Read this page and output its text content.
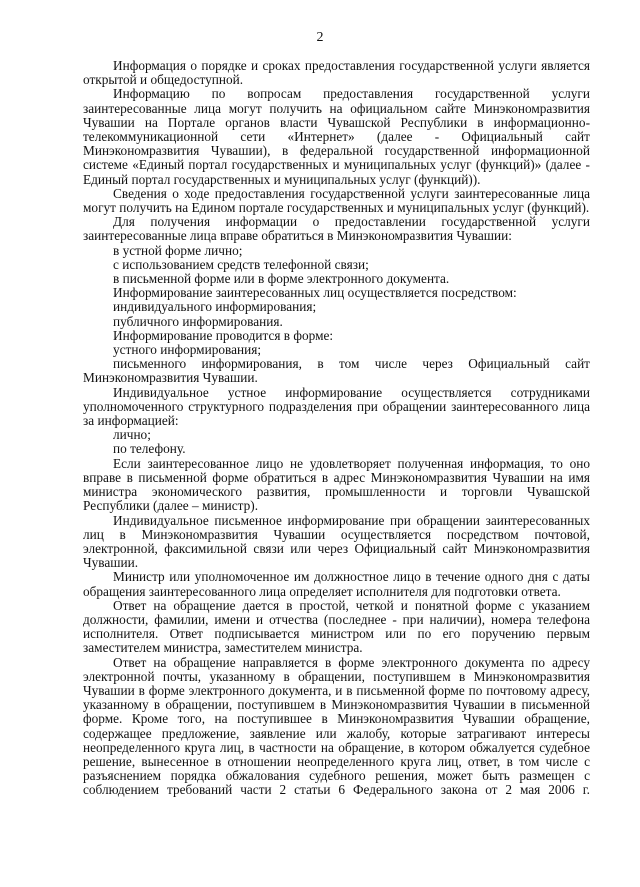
2

Информация о порядке и сроках предоставления государственной услуги является открытой и общедоступной.

Информацию по вопросам предоставления государственной услуги заинтересованные лица могут получить на официальном сайте Минэкономразвития Чувашии на Портале органов власти Чувашской Республики в информационно-телекоммуникационной сети «Интернет» (далее - Официальный сайт Минэкономразвития Чувашии), в федеральной государственной информационной системе «Единый портал государственных и муниципальных услуг (функций)» (далее - Единый портал государственных и муниципальных услуг (функций)).

Сведения о ходе предоставления государственной услуги заинтересованные лица могут получить на Едином портале государственных и муниципальных услуг (функций).

Для получения информации о предоставлении государственной услуги заинтересованные лица вправе обратиться в Минэкономразвития Чувашии:

в устной форме лично;

с использованием средств телефонной связи;

в письменной форме или в форме электронного документа.

Информирование заинтересованных лиц осуществляется посредством:

индивидуального информирования;

публичного информирования.

Информирование проводится в форме:

устного информирования;

письменного информирования, в том числе через Официальный сайт Минэкономразвития Чувашии.

Индивидуальное устное информирование осуществляется сотрудниками уполномоченного структурного подразделения при обращении заинтересованного лица за информацией:

лично;

по телефону.

Если заинтересованное лицо не удовлетворяет полученная информация, то оно вправе в письменной форме обратиться в адрес Минэкономразвития Чувашии на имя министра экономического развития, промышленности и торговли Чувашской Республики (далее – министр).

Индивидуальное письменное информирование при обращении заинтересованных лиц в Минэкономразвития Чувашии осуществляется посредством почтовой, электронной, факсимильной связи или через Официальный сайт Минэкономразвития Чувашии.

Министр или уполномоченное им должностное лицо в течение одного дня с даты обращения заинтересованного лица определяет исполнителя для подготовки ответа.

Ответ на обращение дается в простой, четкой и понятной форме с указанием должности, фамилии, имени и отчества (последнее - при наличии), номера телефона исполнителя. Ответ подписывается министром или по его поручению первым заместителем министра, заместителем министра.

Ответ на обращение направляется в форме электронного документа по адресу электронной почты, указанному в обращении, поступившем в Минэкономразвития Чувашии в форме электронного документа, и в письменной форме по почтовому адресу, указанному в обращении, поступившем в Минэкономразвития Чувашии в письменной форме. Кроме того, на поступившее в Минэкономразвития Чувашии обращение, содержащее предложение, заявление или жалобу, которые затрагивают интересы неопределенного круга лиц, в частности на обращение, в котором обжалуется судебное решение, вынесенное в отношении неопределенного круга лиц, ответ, в том числе с разъяснением порядка обжалования судебного решения, может быть размещен с соблюдением требований части 2 статьи 6 Федерального закона от 2 мая 2006 г.
